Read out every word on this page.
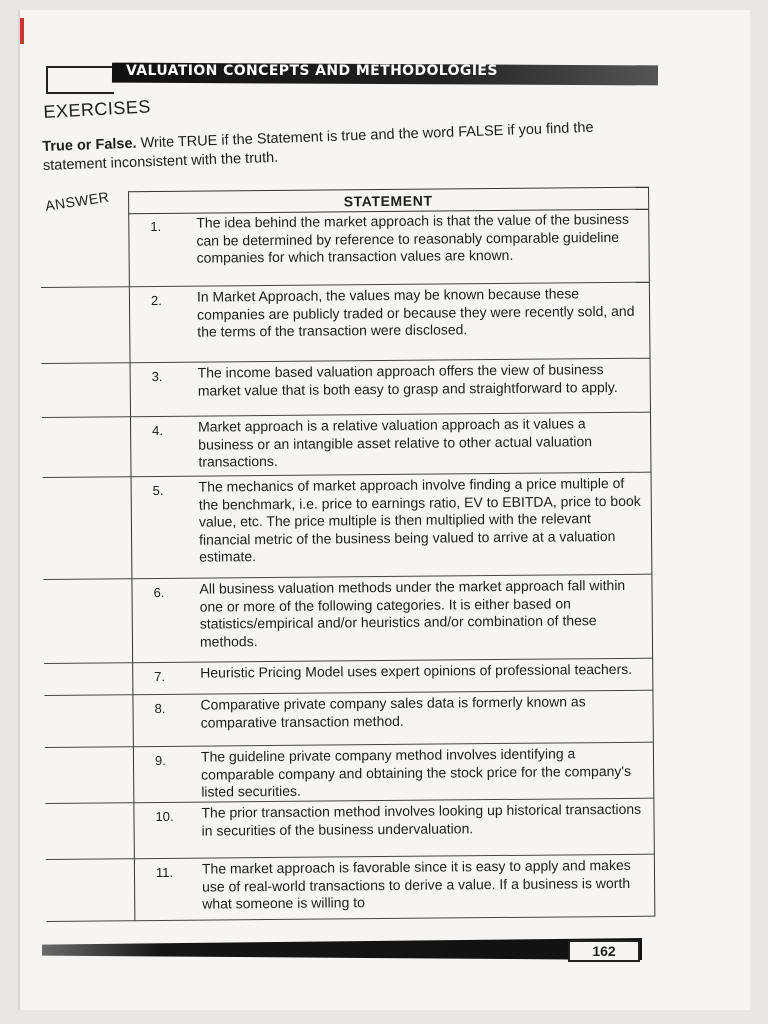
VALUATION CONCEPTS AND METHODOLOGIES
EXERCISES
True or False. Write TRUE if the Statement is true and the word FALSE if you find the statement inconsistent with the truth.
ANSWER	STATEMENT
1.	The idea behind the market approach is that the value of the business can be determined by reference to reasonably comparable guideline companies for which transaction values are known.
2.	In Market Approach, the values may be known because these companies are publicly traded or because they were recently sold, and the terms of the transaction were disclosed.
3.	The income based valuation approach offers the view of business market value that is both easy to grasp and straightforward to apply.
4.	Market approach is a relative valuation approach as it values a business or an intangible asset relative to other actual valuation transactions.
5.	The mechanics of market approach involve finding a price multiple of the benchmark, i.e. price to earnings ratio, EV to EBITDA, price to book value, etc. The price multiple is then multiplied with the relevant financial metric of the business being valued to arrive at a valuation estimate.
6.	All business valuation methods under the market approach fall within one or more of the following categories. It is either based on statistics/empirical and/or heuristics and/or combination of these methods.
7.	Heuristic Pricing Model uses expert opinions of professional teachers.
8.	Comparative private company sales data is formerly known as comparative transaction method.
9.	The guideline private company method involves identifying a comparable company and obtaining the stock price for the company's listed securities.
10.	The prior transaction method involves looking up historical transactions in securities of the business undervaluation.
11.	The market approach is favorable since it is easy to apply and makes use of real-world transactions to derive a value. If a business is worth what someone is willing to
162
